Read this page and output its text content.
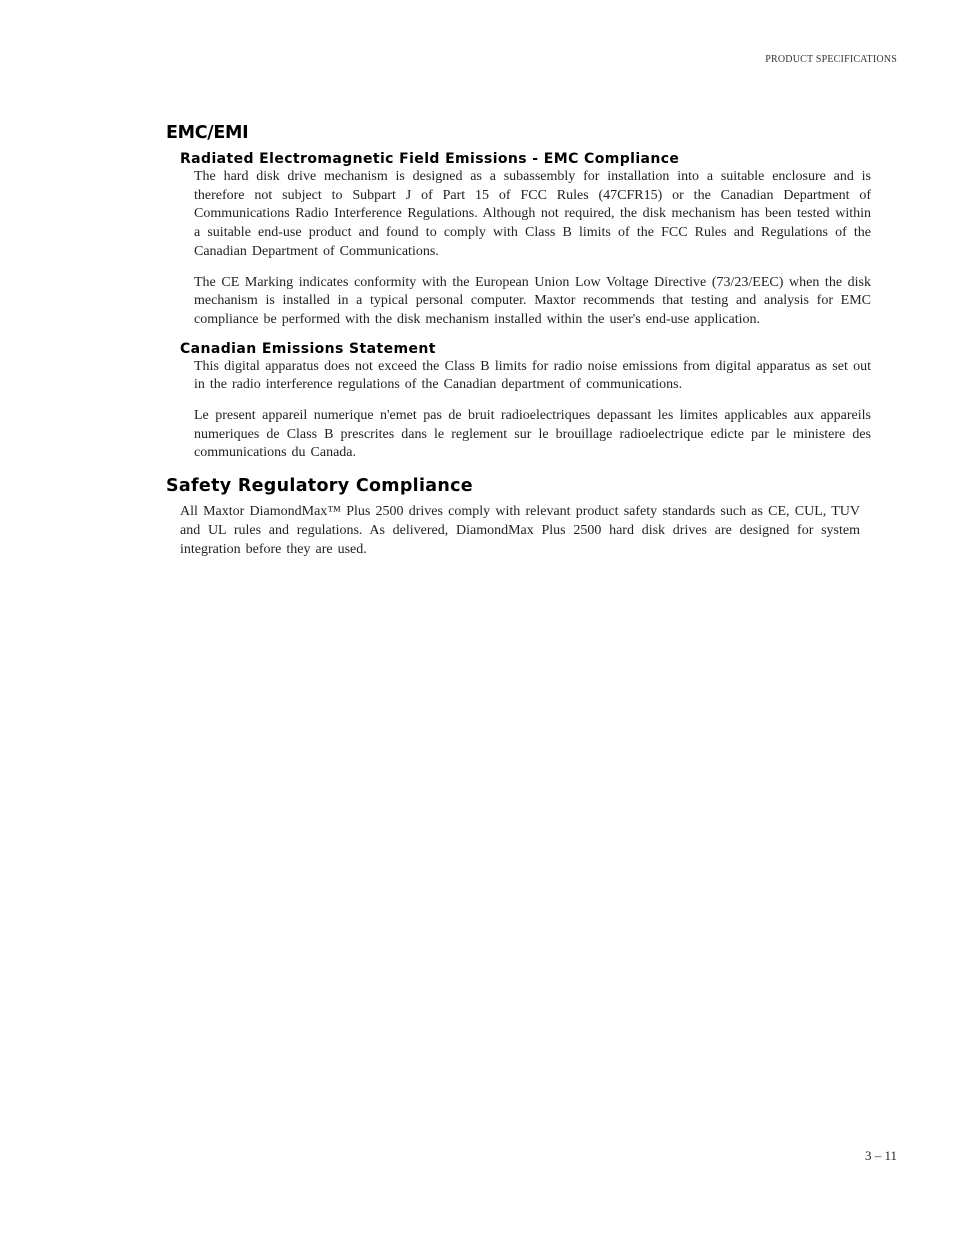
PRODUCT SPECIFICATIONS
EMC/EMI
Radiated Electromagnetic Field Emissions - EMC Compliance

The hard disk drive mechanism is designed as a subassembly for installation into a suitable enclosure and is therefore not subject to Subpart J of Part 15 of FCC Rules (47CFR15) or the Canadian Department of Communications Radio Interference Regulations. Although not required, the disk mechanism has been tested within a suitable end-use product and found to comply with Class B limits of the FCC Rules and Regulations of the Canadian Department of Communications.

The CE Marking indicates conformity with the European Union Low Voltage Directive (73/23/EEC) when the disk mechanism is installed in a typical personal computer. Maxtor recommends that testing and analysis for EMC compliance be performed with the disk mechanism installed within the user's end-use application.

Canadian Emissions Statement

This digital apparatus does not exceed the Class B limits for radio noise emissions from digital apparatus as set out in the radio interference regulations of the Canadian department of communications.

Le present appareil numerique n'emet pas de bruit radioelectriques depassant les limites applicables aux appareils numeriques de Class B prescrites dans le reglement sur le brouillage radioelectrique edicte par le ministere des communications du Canada.

Safety Regulatory Compliance

All Maxtor DiamondMax™ Plus 2500 drives comply with relevant product safety standards such as CE, CUL, TUV and UL rules and regulations. As delivered, DiamondMax Plus 2500 hard disk drives are designed for system integration before they are used.

3 – 11
